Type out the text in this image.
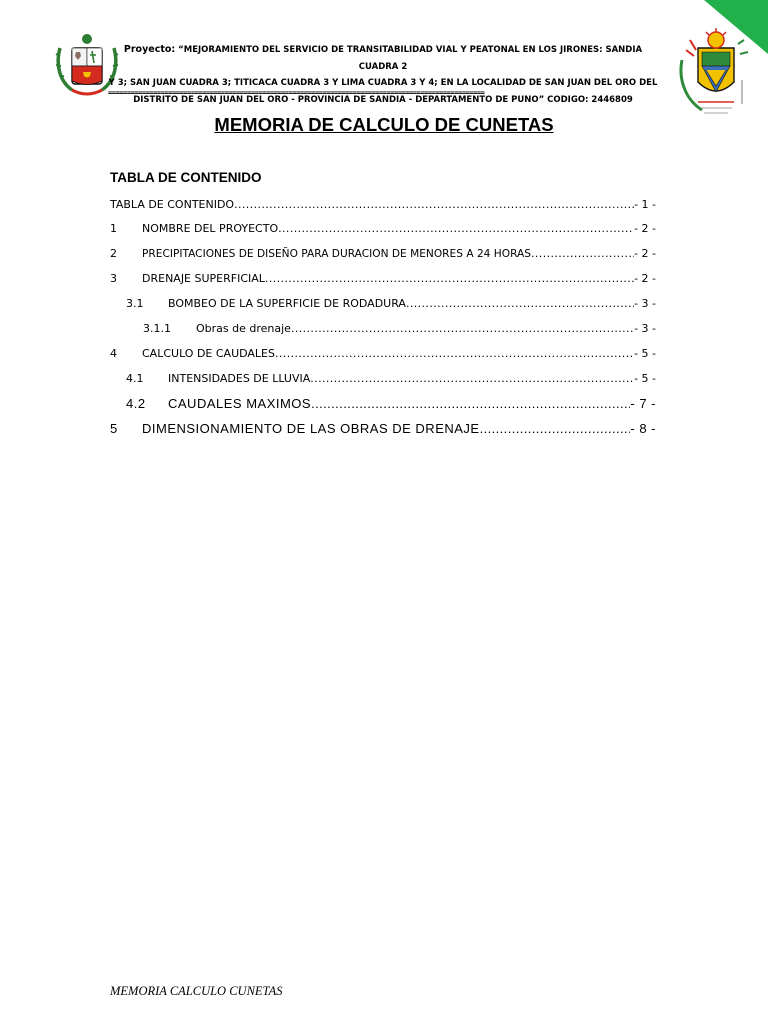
Proyecto: “MEJORAMIENTO DEL SERVICIO DE TRANSITABILIDAD VIAL Y PEATONAL EN LOS JIRONES: SANDIA CUADRA 2
Y 3; SAN JUAN CUADRA 3; TITICACA CUADRA 3 Y LIMA CUADRA 3 Y 4; EN LA LOCALIDAD DE SAN JUAN DEL ORO DEL
DISTRITO DE SAN JUAN DEL ORO - PROVINCIA DE SANDIA - DEPARTAMENTO DE PUNO” CODIGO: 2446809
====================================================================================================
MEMORIA DE CALCULO DE CUNETAS
TABLA DE CONTENIDO
TABLA DE CONTENIDO .....	- 1 -
1	NOMBRE DEL PROYECTO .....	- 2 -
2	PRECIPITACIONES DE DISEÑO PARA DURACION DE MENORES A 24 HORAS .....	- 2 -
3	DRENAJE SUPERFICIAL .....	- 2 -
3.1	BOMBEO DE LA SUPERFICIE DE RODADURA .....	- 3 -
3.1.1	Obras de drenaje .....	- 3 -
4	CALCULO DE CAUDALES .....	- 5 -
4.1	INTENSIDADES DE LLUVIA .....	- 5 -
4.2	CAUDALES MAXIMOS .....	- 7 -
5	DIMENSIONAMIENTO DE LAS OBRAS DE DRENAJE .....	- 8 -
MEMORIA CALCULO CUNETAS
